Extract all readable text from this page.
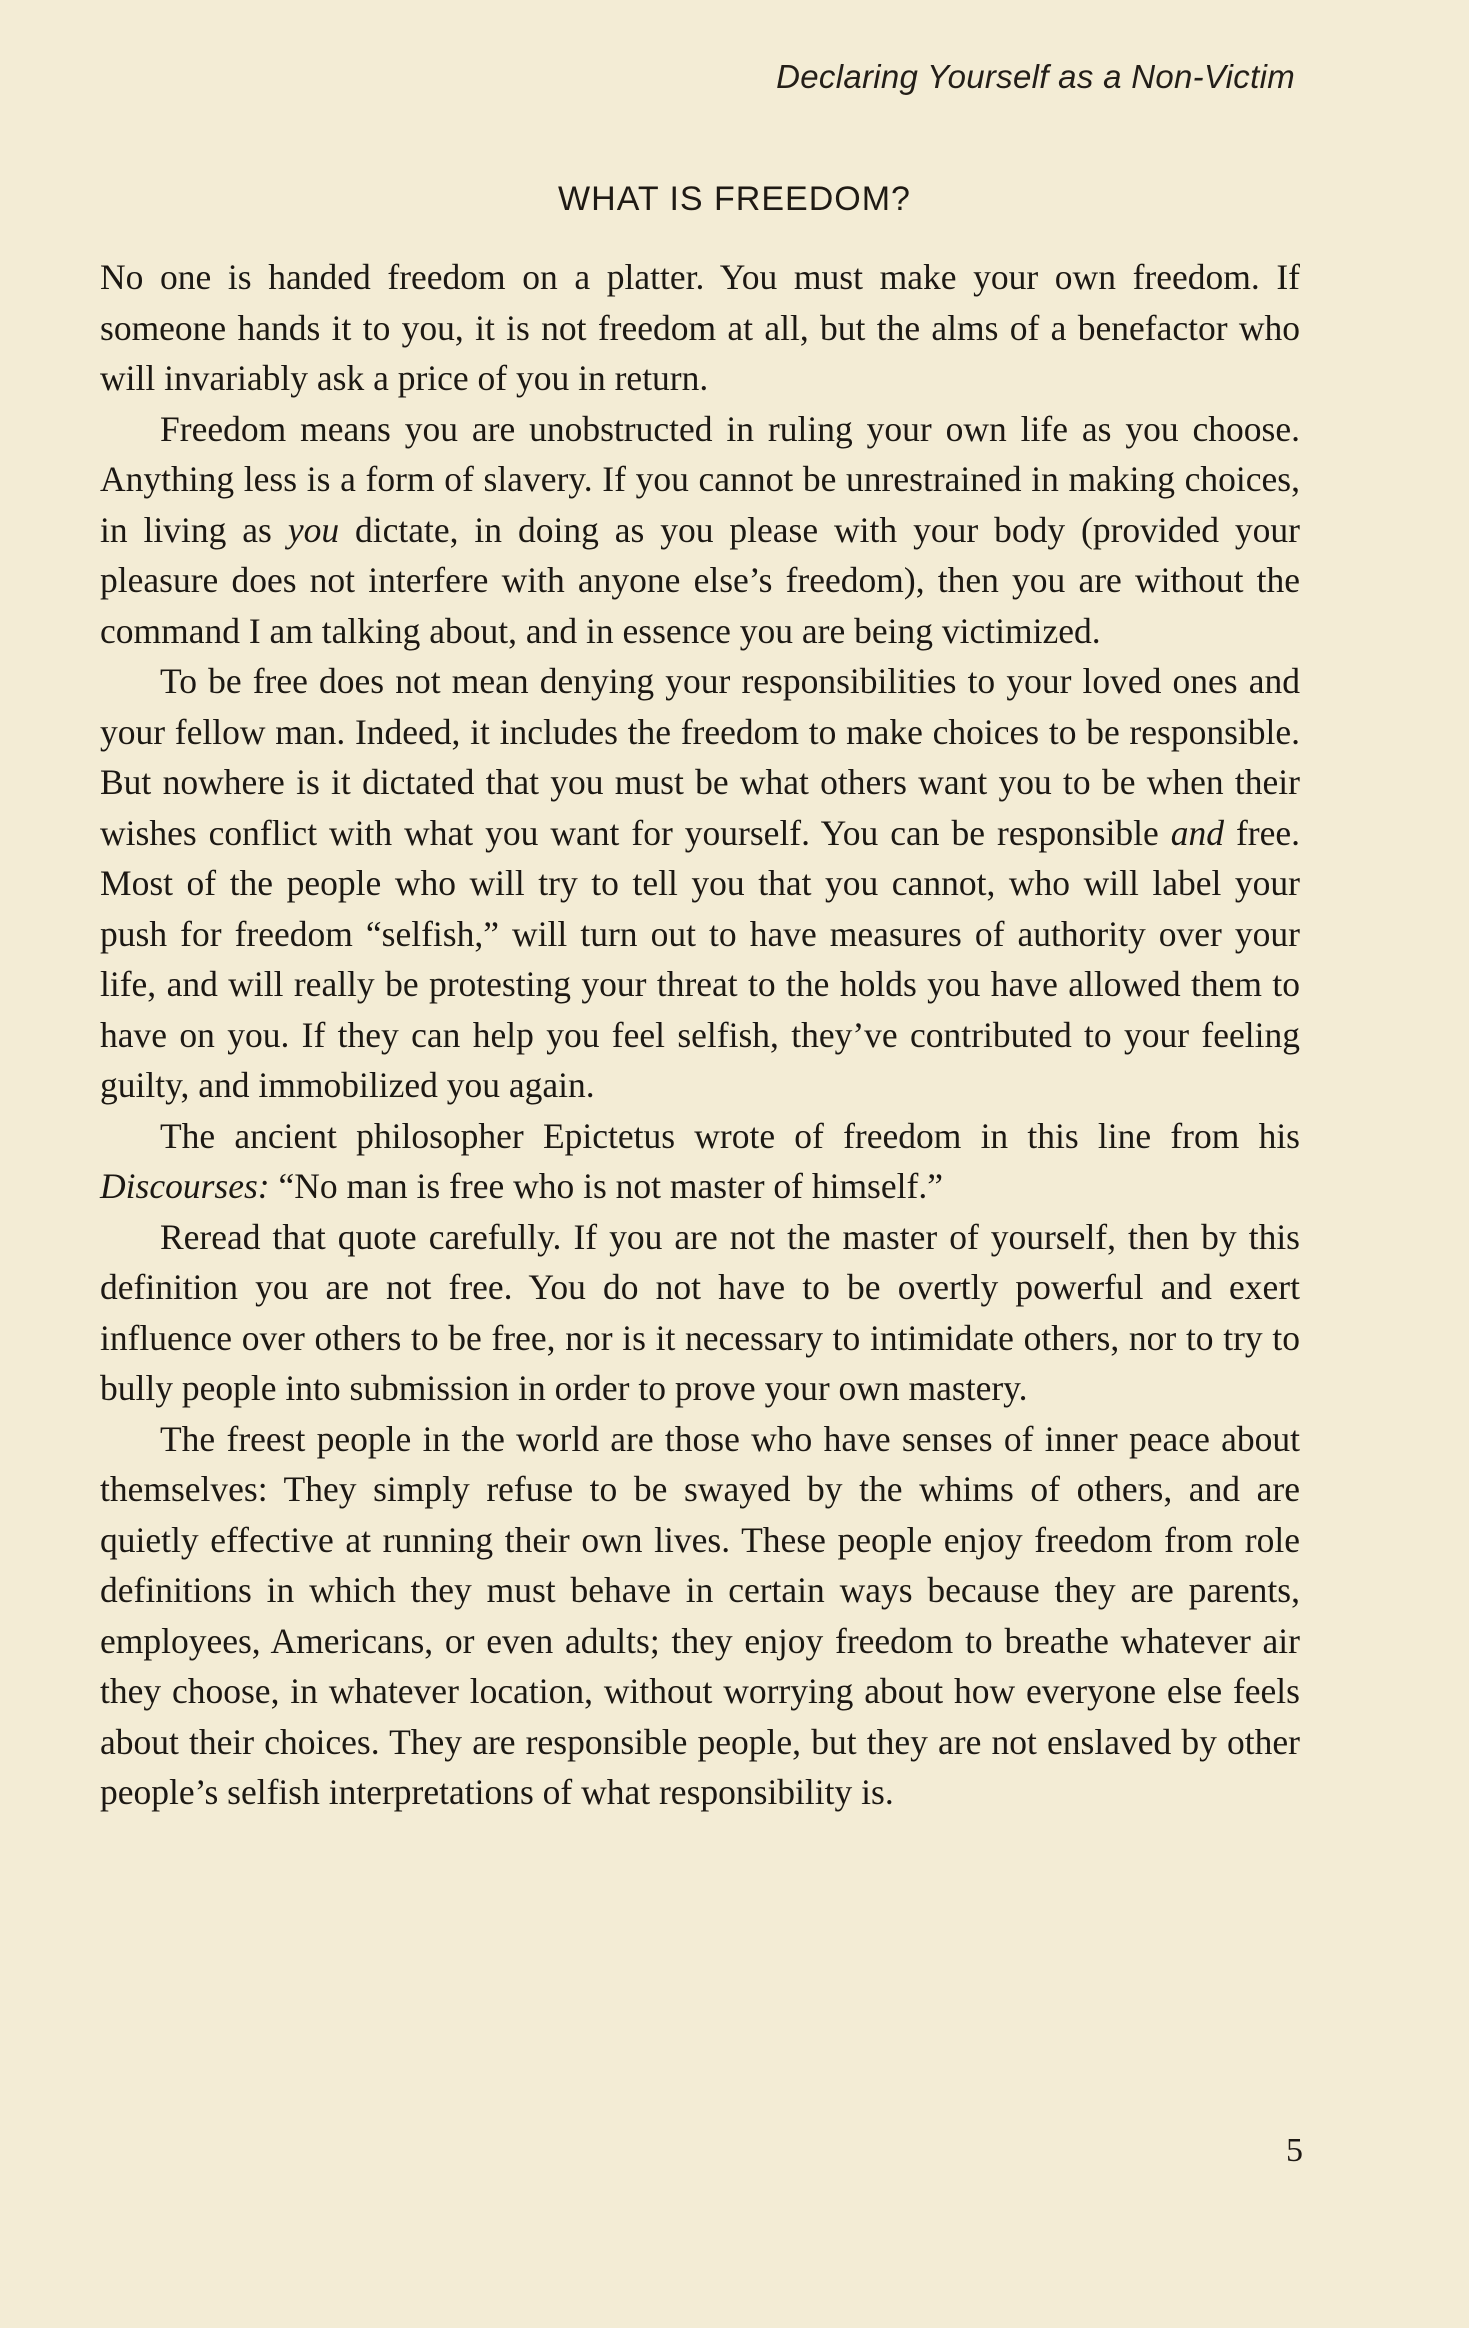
Declaring Yourself as a Non-Victim
WHAT IS FREEDOM?

No one is handed freedom on a platter. You must make your own freedom. If someone hands it to you, it is not freedom at all, but the alms of a benefactor who will invariably ask a price of you in return.

Freedom means you are unobstructed in ruling your own life as you choose. Anything less is a form of slavery. If you cannot be unrestrained in making choices, in living as you dictate, in doing as you please with your body (provided your pleasure does not interfere with anyone else’s freedom), then you are without the command I am talking about, and in essence you are being victimized.

To be free does not mean denying your responsibilities to your loved ones and your fellow man. Indeed, it includes the freedom to make choices to be responsible. But nowhere is it dictated that you must be what others want you to be when their wishes conflict with what you want for yourself. You can be responsible and free. Most of the people who will try to tell you that you cannot, who will label your push for freedom “selfish,” will turn out to have measures of authority over your life, and will really be protesting your threat to the holds you have allowed them to have on you. If they can help you feel selfish, they’ve contributed to your feeling guilty, and immobilized you again.

The ancient philosopher Epictetus wrote of freedom in this line from his Discourses: “No man is free who is not master of himself.”

Reread that quote carefully. If you are not the master of yourself, then by this definition you are not free. You do not have to be overtly powerful and exert influence over others to be free, nor is it necessary to intimidate others, nor to try to bully people into submission in order to prove your own mastery.

The freest people in the world are those who have senses of inner peace about themselves: They simply refuse to be swayed by the whims of others, and are quietly effective at running their own lives. These people enjoy freedom from role definitions in which they must behave in certain ways because they are parents, employees, Americans, or even adults; they enjoy freedom to breathe whatever air they choose, in whatever location, without worrying about how everyone else feels about their choices. They are responsible people, but they are not enslaved by other people’s selfish interpretations of what responsibility is.

5
